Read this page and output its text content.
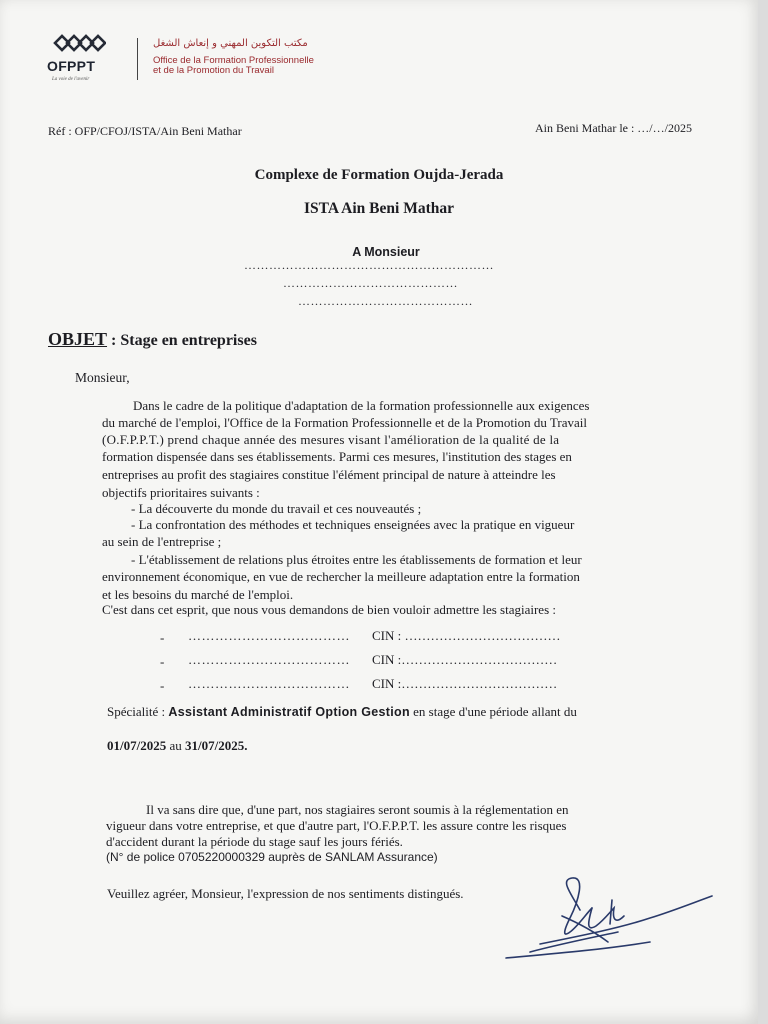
OFPPT
La voie de l'avenir
مكتب التكوين المهني و إنعاش الشغل
Office de la Formation Professionnelle
et de la Promotion du Travail
Réf : OFP/CFOJ/ISTA/Ain Beni Mathar	Ain Beni Mathar le : …/…/2025
Complexe de Formation Oujda-Jerada
ISTA Ain Beni Mathar
A Monsieur
……………………………………………………
……………………………………
……………………………………
OBJET : Stage en entreprises
Monsieur,
Dans le cadre de la politique d'adaptation de la formation professionnelle aux exigences
du marché de l'emploi, l'Office de la Formation Professionnelle et de la Promotion du Travail
(O.F.P.P.T.) prend chaque année des mesures visant l'amélioration de la qualité de la
formation dispensée dans ses établissements. Parmi ces mesures, l'institution des stages en
entreprises au profit des stagiaires constitue l'élément principal de nature à atteindre les
objectifs prioritaires suivants :
- La découverte du monde du travail et ces nouveautés ;
- La confrontation des méthodes et techniques enseignées avec la pratique en vigueur
au sein de l'entreprise ;
- L'établissement de relations plus étroites entre les établissements de formation et leur
environnement économique, en vue de rechercher la meilleure adaptation entre la formation
et les besoins du marché de l'emploi.
C'est dans cet esprit, que nous vous demandons de bien vouloir admettre les stagiaires :
- ……………………………… CIN : ………………………………
- ……………………………… CIN :………………………………
- ……………………………… CIN :………………………………
Spécialité : Assistant Administratif Option Gestion en stage d'une période allant du
01/07/2025 au 31/07/2025.
Il va sans dire que, d'une part, nos stagiaires seront soumis à la réglementation en
vigueur dans votre entreprise, et que d'autre part, l'O.F.P.P.T. les assure contre les risques
d'accident durant la période du stage sauf les jours fériés.
(N° de police 0705220000329 auprès de SANLAM Assurance)
Veuillez agréer, Monsieur, l'expression de nos sentiments distingués.
